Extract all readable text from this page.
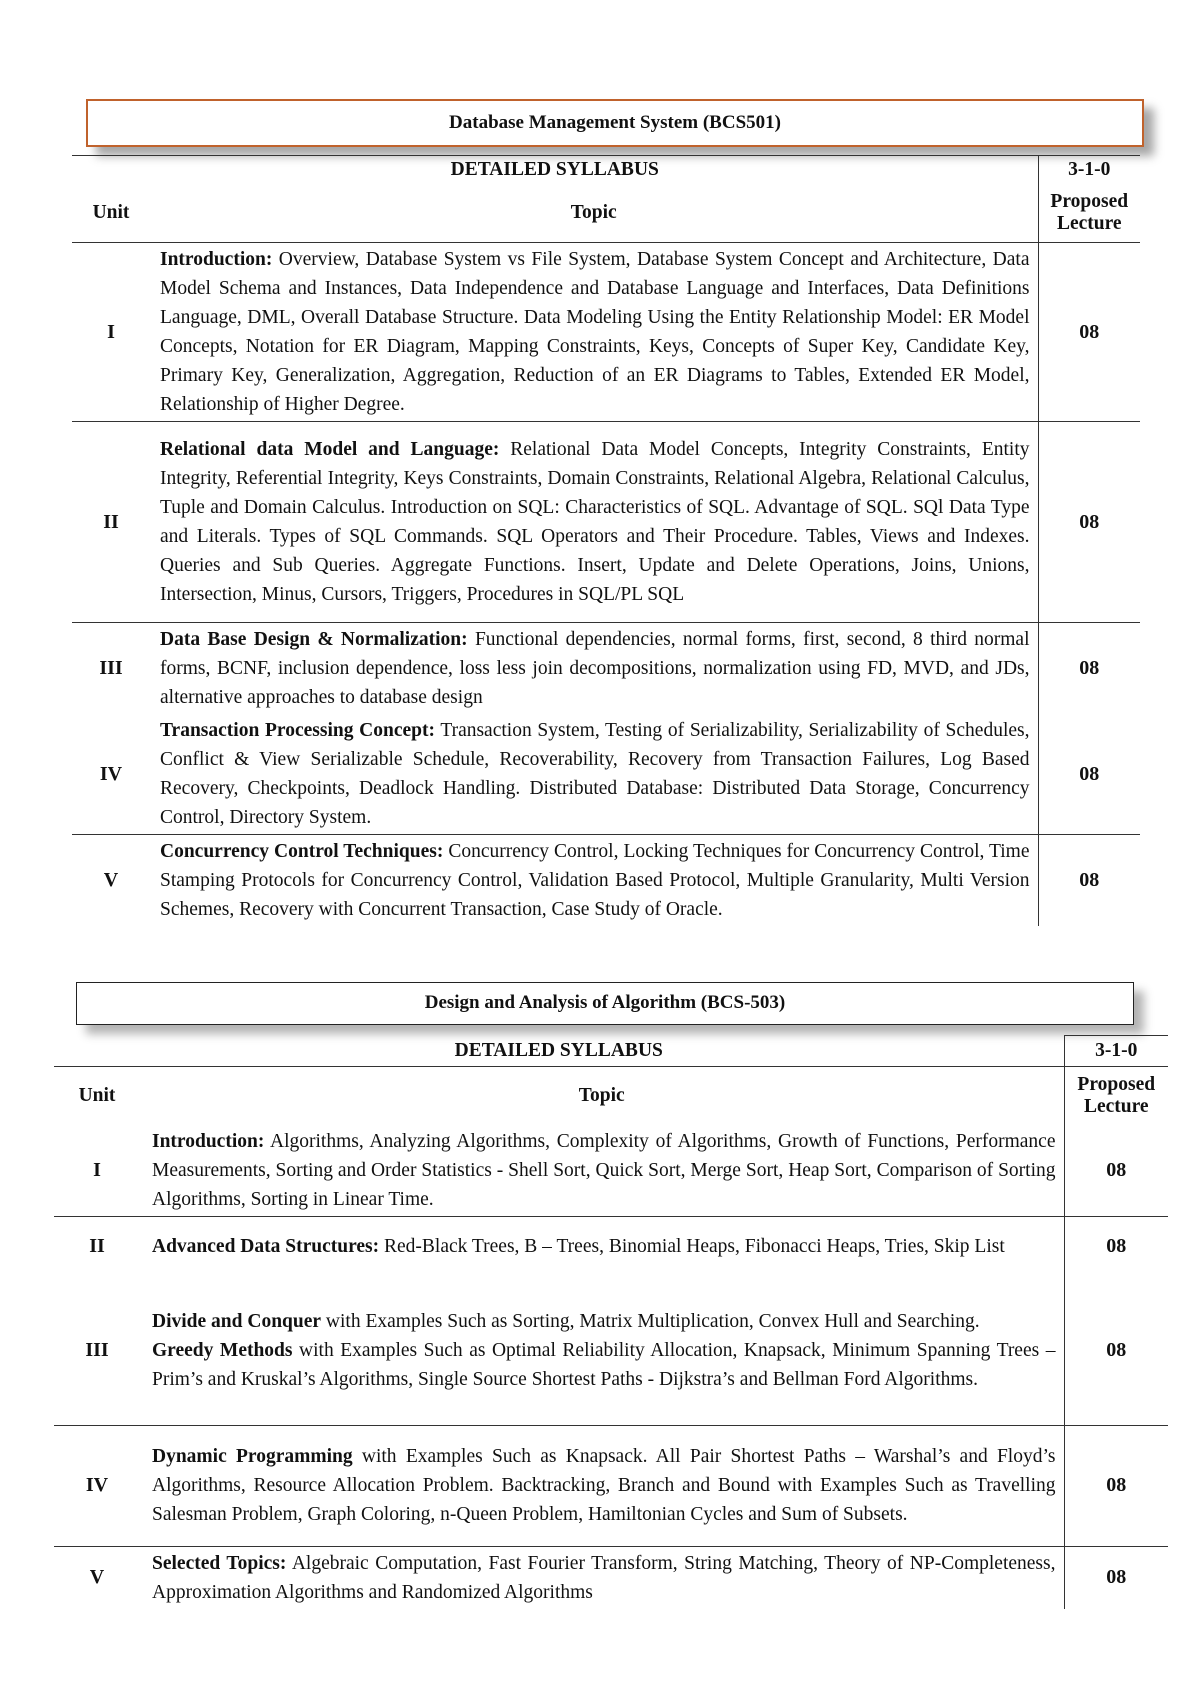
Database Management System (BCS501)
DETAILED SYLLABUS		3-1-0
Unit	Topic	Proposed
Lecture
I	Introduction: Overview, Database System vs File System, Database System Concept and Architecture, Data Model Schema and Instances, Data Independence and Database Language and Interfaces, Data Definitions Language, DML, Overall Database Structure. Data Modeling Using the Entity Relationship Model: ER Model Concepts, Notation for ER Diagram, Mapping Constraints, Keys, Concepts of Super Key, Candidate Key, Primary Key, Generalization, Aggregation, Reduction of an ER Diagrams to Tables, Extended ER Model, Relationship of Higher Degree.	08
II	Relational data Model and Language: Relational Data Model Concepts, Integrity Constraints, Entity Integrity, Referential Integrity, Keys Constraints, Domain Constraints, Relational Algebra, Relational Calculus, Tuple and Domain Calculus. Introduction on SQL: Characteristics of SQL. Advantage of SQL. SQl Data Type and Literals. Types of SQL Commands. SQL Operators and Their Procedure. Tables, Views and Indexes. Queries and Sub Queries. Aggregate Functions. Insert, Update and Delete Operations, Joins, Unions, Intersection, Minus, Cursors, Triggers, Procedures in SQL/PL SQL	08
III	Data Base Design & Normalization: Functional dependencies, normal forms, first, second, 8 third normal forms, BCNF, inclusion dependence, loss less join decompositions, normalization using FD, MVD, and JDs, alternative approaches to database design	08
IV	Transaction Processing Concept: Transaction System, Testing of Serializability, Serializability of Schedules, Conflict & View Serializable Schedule, Recoverability, Recovery from Transaction Failures, Log Based Recovery, Checkpoints, Deadlock Handling. Distributed Database: Distributed Data Storage, Concurrency Control, Directory System.	08
V	Concurrency Control Techniques: Concurrency Control, Locking Techniques for Concurrency Control, Time Stamping Protocols for Concurrency Control, Validation Based Protocol, Multiple Granularity, Multi Version Schemes, Recovery with Concurrent Transaction, Case Study of Oracle.	08
Design and Analysis of Algorithm (BCS-503)
DETAILED SYLLABUS		3-1-0
Unit	Topic	Proposed
Lecture
I	Introduction: Algorithms, Analyzing Algorithms, Complexity of Algorithms, Growth of Functions, Performance Measurements, Sorting and Order Statistics - Shell Sort, Quick Sort, Merge Sort, Heap Sort, Comparison of Sorting Algorithms, Sorting in Linear Time.	08
II	Advanced Data Structures: Red-Black Trees, B – Trees, Binomial Heaps, Fibonacci Heaps, Tries, Skip List	08
III	Divide and Conquer with Examples Such as Sorting, Matrix Multiplication, Convex Hull and Searching.

Greedy Methods with Examples Such as Optimal Reliability Allocation, Knapsack, Minimum Spanning Trees – Prim’s and Kruskal’s Algorithms, Single Source Shortest Paths - Dijkstra’s and Bellman Ford Algorithms.	08
IV	Dynamic Programming with Examples Such as Knapsack. All Pair Shortest Paths – Warshal’s and Floyd’s Algorithms, Resource Allocation Problem. Backtracking, Branch and Bound with Examples Such as Travelling Salesman Problem, Graph Coloring, n-Queen Problem, Hamiltonian Cycles and Sum of Subsets.	08
V	Selected Topics: Algebraic Computation, Fast Fourier Transform, String Matching, Theory of NP-Completeness, Approximation Algorithms and Randomized Algorithms	08
